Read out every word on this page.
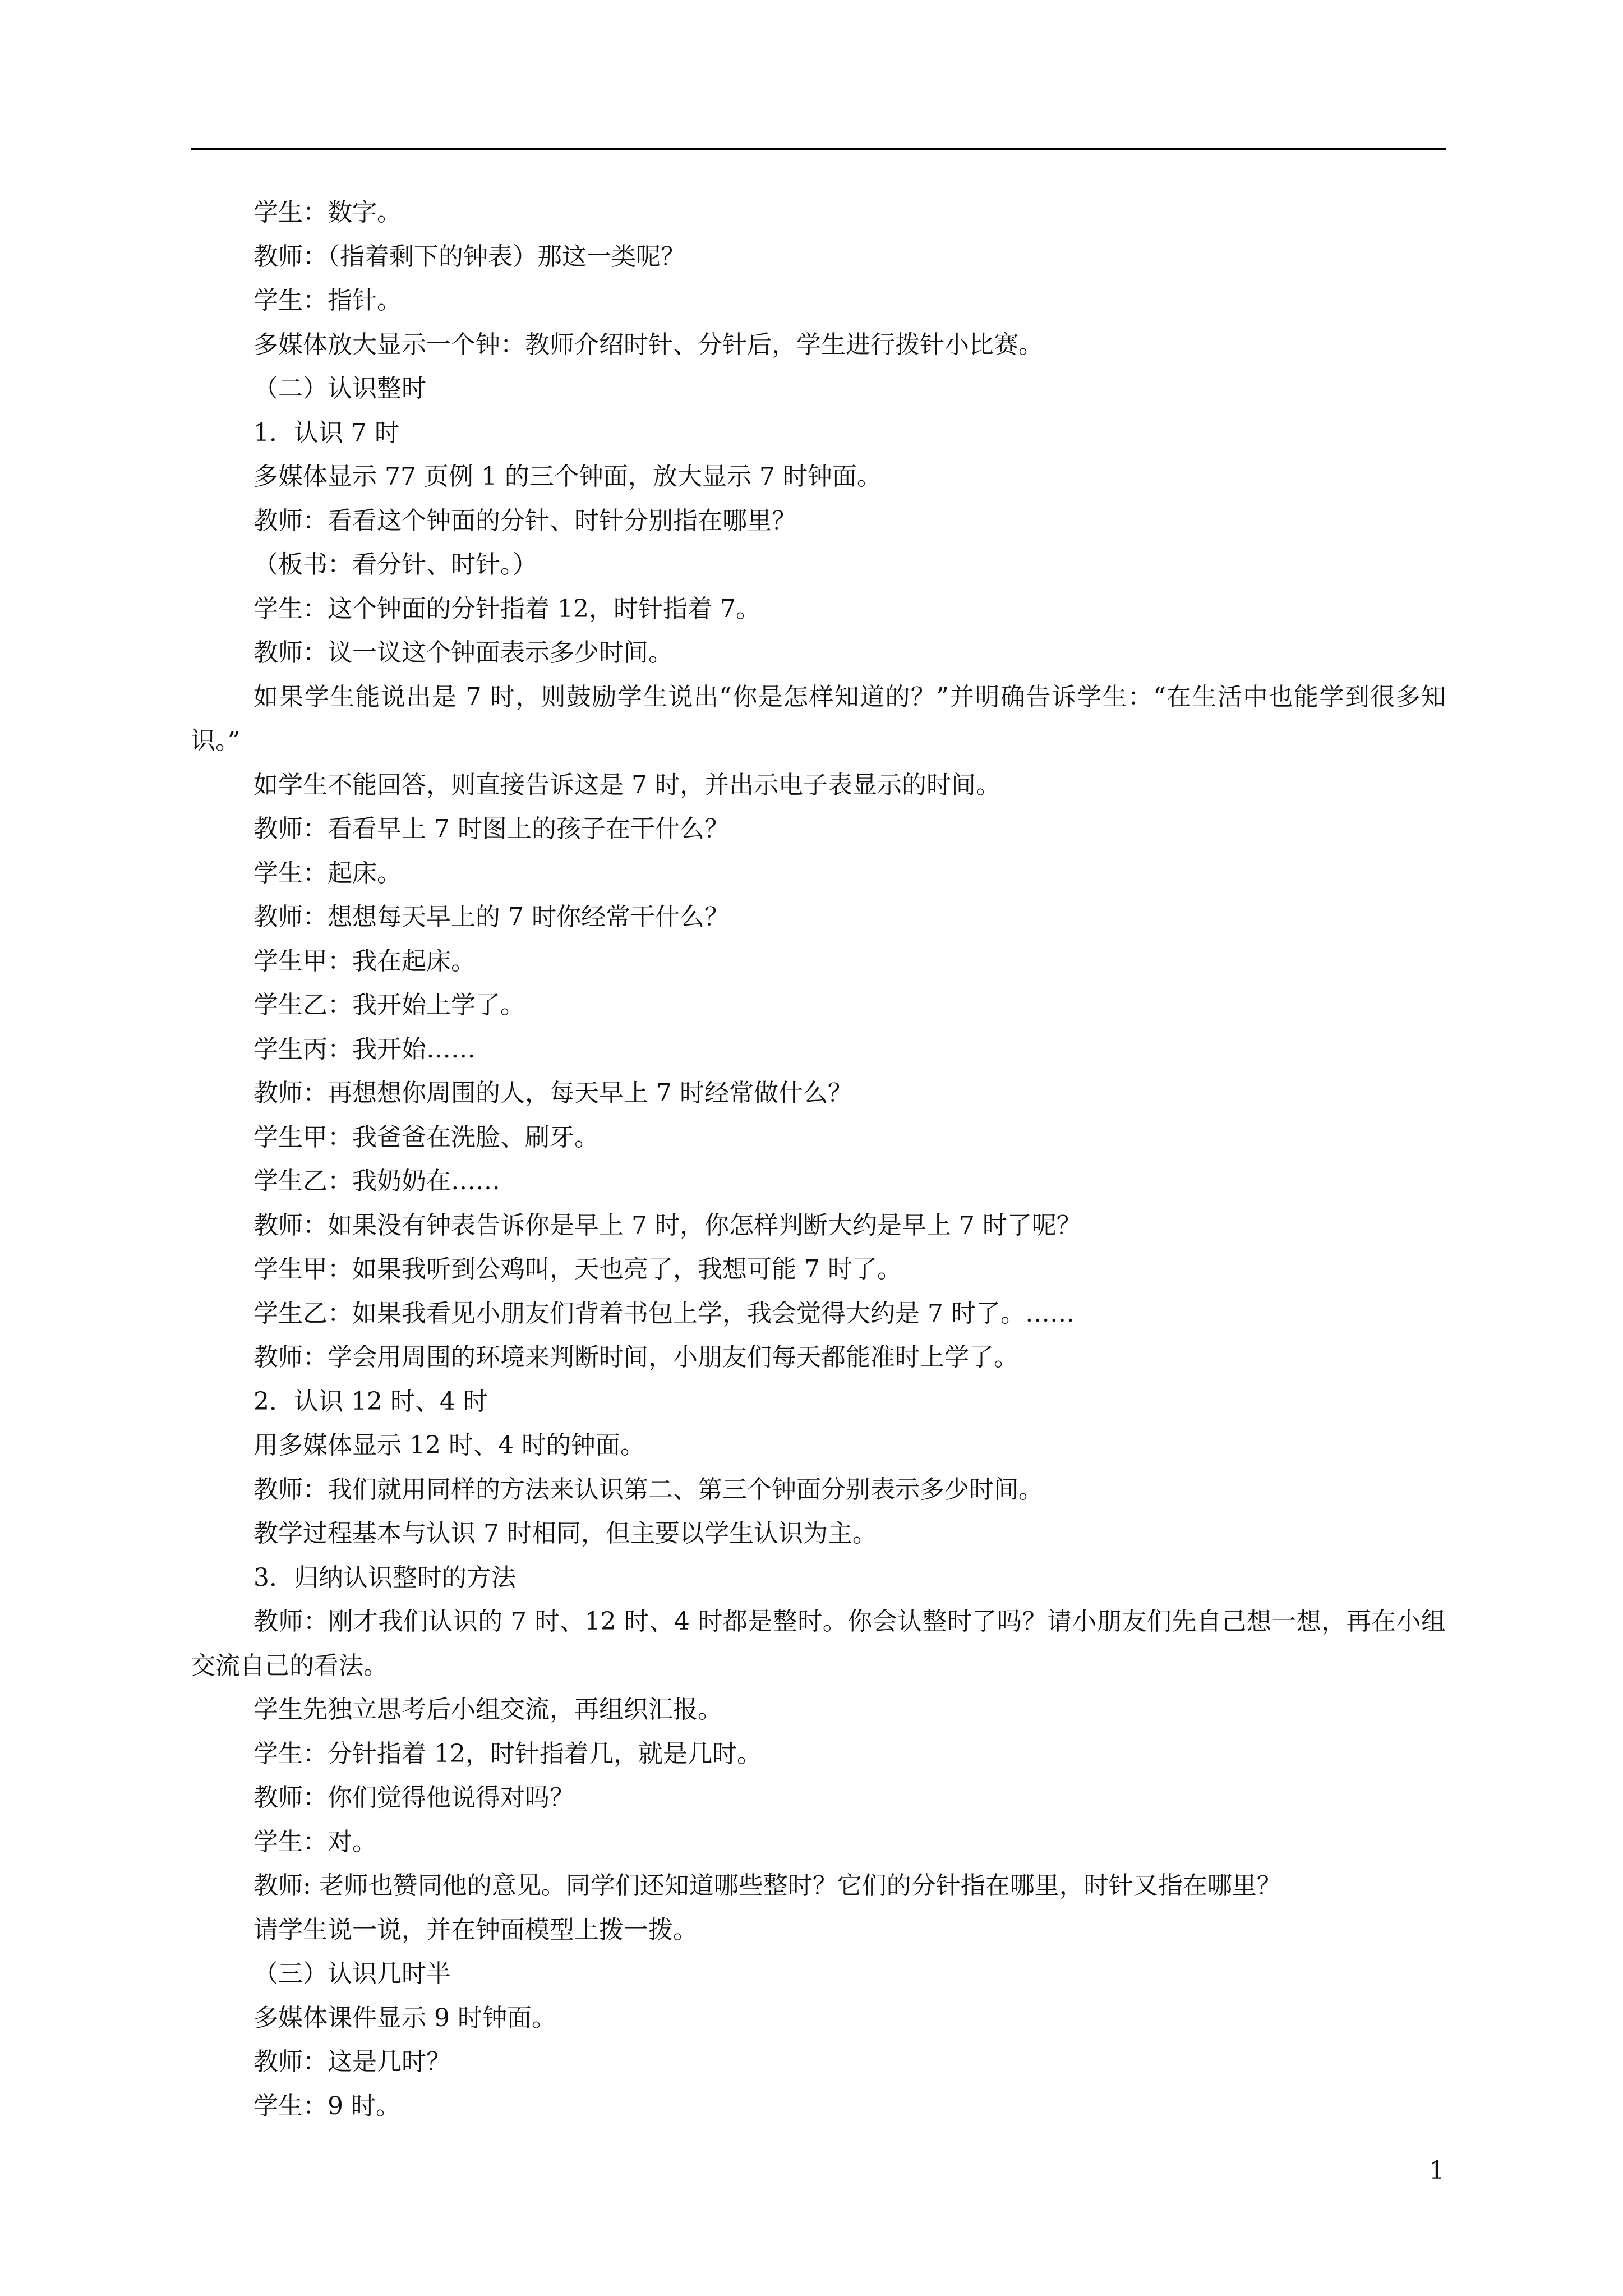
学生：数字。

教师：（指着剩下的钟表）那这一类呢？

学生：指针。

多媒体放大显示一个钟：教师介绍时针、分针后，学生进行拨针小比赛。

（二）认识整时

1．认识 7 时

多媒体显示 77 页例 1 的三个钟面，放大显示 7 时钟面。

教师：看看这个钟面的分针、时针分别指在哪里？

（板书：看分针、时针。）

学生：这个钟面的分针指着 12，时针指着 7。

教师：议一议这个钟面表示多少时间。

如果学生能说出是 7 时，则鼓励学生说出“你是怎样知道的？”并明确告诉学生：“在生活中也能学到很多知识。”

如学生不能回答，则直接告诉这是 7 时，并出示电子表显示的时间。

教师：看看早上 7 时图上的孩子在干什么？

学生：起床。

教师：想想每天早上的 7 时你经常干什么？

学生甲：我在起床。

学生乙：我开始上学了。

学生丙：我开始……

教师：再想想你周围的人，每天早上 7 时经常做什么？

学生甲：我爸爸在洗脸、刷牙。

学生乙：我奶奶在……

教师：如果没有钟表告诉你是早上 7 时，你怎样判断大约是早上 7 时了呢？

学生甲：如果我听到公鸡叫，天也亮了，我想可能 7 时了。

学生乙：如果我看见小朋友们背着书包上学，我会觉得大约是 7 时了。……

教师：学会用周围的环境来判断时间，小朋友们每天都能准时上学了。

2．认识 12 时、4 时

用多媒体显示 12 时、4 时的钟面。

教师：我们就用同样的方法来认识第二、第三个钟面分别表示多少时间。

教学过程基本与认识 7 时相同，但主要以学生认识为主。

3．归纳认识整时的方法

教师：刚才我们认识的 7 时、12 时、4 时都是整时。你会认整时了吗？请小朋友们先自己想一想，再在小组交流自己的看法。

学生先独立思考后小组交流，再组织汇报。

学生：分针指着 12，时针指着几，就是几时。

教师：你们觉得他说得对吗？

学生：对。

教师: 老师也赞同他的意见。同学们还知道哪些整时？它们的分针指在哪里，时针又指在哪里？

请学生说一说，并在钟面模型上拨一拨。

（三）认识几时半

多媒体课件显示 9 时钟面。

教师：这是几时？

学生：9 时。

1
